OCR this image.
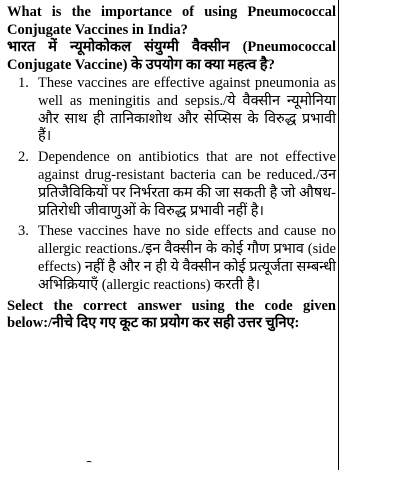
What is the importance of using Pneumococcal Conjugate Vaccines in India?

भारत में न्यूमोकोकल संयुग्मी वैक्सीन (Pneumococcal Conjugate Vaccine) के उपयोग का क्या महत्व है?

1. These vaccines are effective against pneumonia as well as meningitis and sepsis./ये वैक्सीन न्यूमोनिया और साथ ही तानिकाशोथ और सेप्सिस के विरुद्ध प्रभावी हैं।
2. Dependence on antibiotics that are not effective against drug-resistant bacteria can be reduced./उन प्रतिजैविकियों पर निर्भरता कम की जा सकती है जो औषध-प्रतिरोधी जीवाणुओं के विरुद्ध प्रभावी नहीं है।
3. These vaccines have no side effects and cause no allergic reactions./इन वैक्सीन के कोई गौण प्रभाव (side effects) नहीं है और न ही ये वैक्सीन कोई प्रत्यूर्जता सम्बन्धी अभिक्रियाएँ (allergic reactions) करती है।

Select the correct answer using the code given below:/नीचे दिए गए कूट का प्रयोग कर सही उत्तर चुनिए:
